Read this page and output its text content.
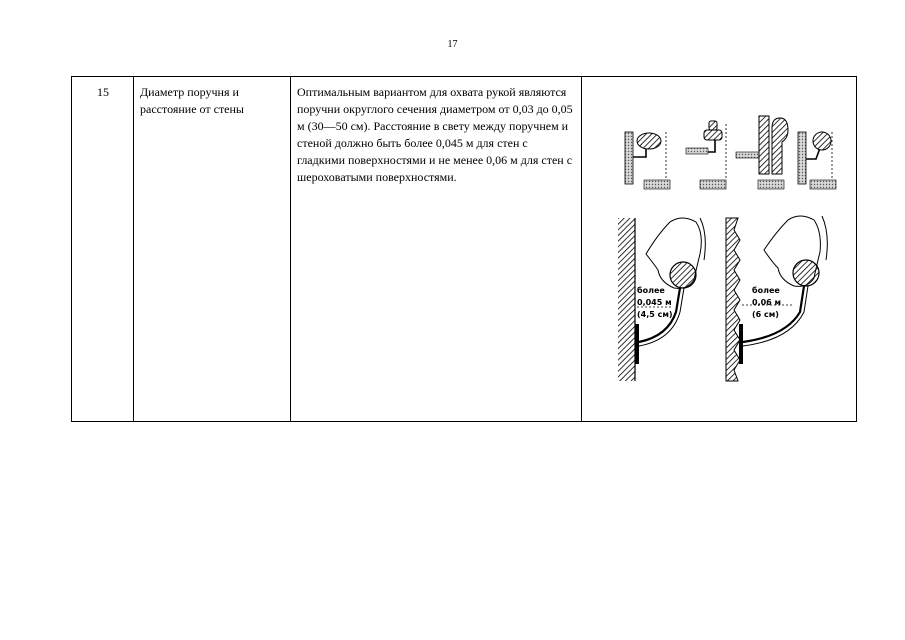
17
15	Диаметр поручня и расстояние от стены	Оптимальным вариантом для охвата рукой являются поручни округлого сечения диаметром от 0,03 до 0,05 м (30—50 см). Расстояние в свету между поручнем и стеной должно быть более 0,045 м для стен с гладкими поверхностями и не менее 0,06 м для стен с шероховатыми поверхностями.	
более
0,045 м
(4,5 см)
более
0,06 м
(6 см)
